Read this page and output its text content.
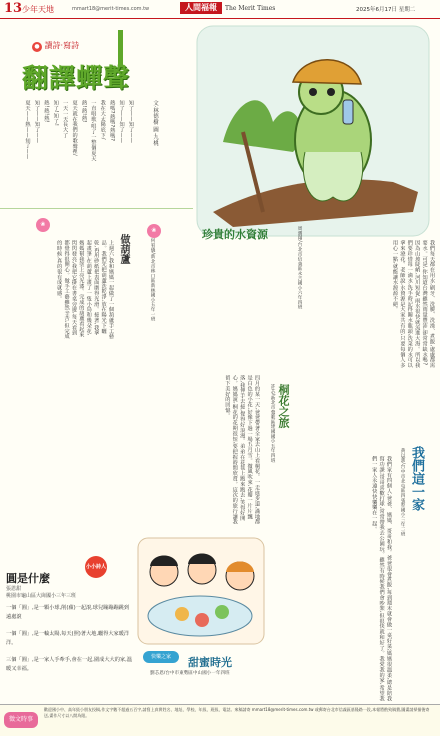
13 少年天地	mmart18@merit-times.com.tw	人間福報	The Merit Times	2025年6月17日 星期二
● 讀詩·寫詩
翻譯蟬聲
知了——知了——
知了——知了——
熱嗎?熱嗎?熱嗎?
我在大太陽底下/
一直唱歌,唱了一整個夏天
熱!熱!熱!
夏天就在我們的歌聲裡/
一天一天長大了
知了!知了!
熱!熱!熱!
知了——知了——
夏天——熱——知了——	文·林德樹 圖·九桃
珍貴的水資源	周潤翔/台北市信義區永吉國小六年四班	我們每天都在用水,刷牙、洗臉、洗澡、煮飯,處處都需要水。可是,你知道台灣雖然雨量豐沛,卻常常缺水嗎?因為山坡陡峭,河川短促,雨水很快就流進大海。所以我們要珍惜每一滴水,洗手時記得關水龍頭,洗菜的水可以拿來澆花。老師說,水資源是大家共有的,只要每個人多用心一點,就能讓水源源不絕。
❀
❀
做葫蘆	何宥儀/新北市林口區新林國小五年一班
上週六,我和媽媽一起做了一個葫蘆手工藝品。我們先把葫蘆洗乾淨,放在陽光下曬乾,再用砂紙把表面磨得光滑。接著,我拿起畫筆,在葫蘆上畫了一隻小鳥和幾朵花,媽媽幫我塗上亮光漆。完成的葫蘆看起來閃閃發亮,我把它掛在書桌旁邊,每天看到都覺得很開心。做手工藝雖然辛苦,但完成的時候,真的很有成就感。
桐花之旅
許芯/新北市鶯歌區建國國小五年四班
四月的某一天,爸爸帶著全家去山上看桐花。一走進步道,滿地都是白色的小花,好像下過一場五月雪。微風吹來,花瓣一片片飄落,我伸手去接,覺得好浪漫。弟弟在花毯上跑來跑去,笑得好開心。媽媽說,桐花的花期很短,要把握時間欣賞。這次的旅行讓我留下美好的回憶。
我們這一家
黃以薰/台中市北屯區四張犁國小三年二班
我們家有四個人,爸爸、媽媽、哥哥和我。爸爸很會煮飯,每到週末就會做一桌好菜;媽媽很溫柔,總是陪我寫功課;哥哥喜歡打球,常常帶我去公園玩。雖然有時候我們會吵架,但很快就和好了。我愛我的家,希望我們一家人永遠快快樂樂在一起。
小小詩人
圓是什麼
張恩甜
桃園市龜山區大崗國小三年三班
一個「圓」,是一顆小球,削(蘋)一起滾,球兒蹦蹦蹦跳到遠處滾
一個「圓」,是一輪太陽,每天(照)著大地,曬得大家暖洋洋。
三個「圓」,是一家人手牽手,會在一起,圍成大大的家,溫暖又幸福。
快樂之家	甜蜜時光
劉芯恩/台中市東勢區中山國小一年四班
徵文時事
歡迎國小中、高年級小朋友投稿,作文字數不超過五百字,請寫上真實姓名、地址、學校、年級、班級、電話。來稿請寄 mmart18@merit-times.com.tw 或郵寄台北市信義區基隆路一段,本報將酌致稿費,圖畫請掃描後寄送,畫作尺寸以八開為限。
